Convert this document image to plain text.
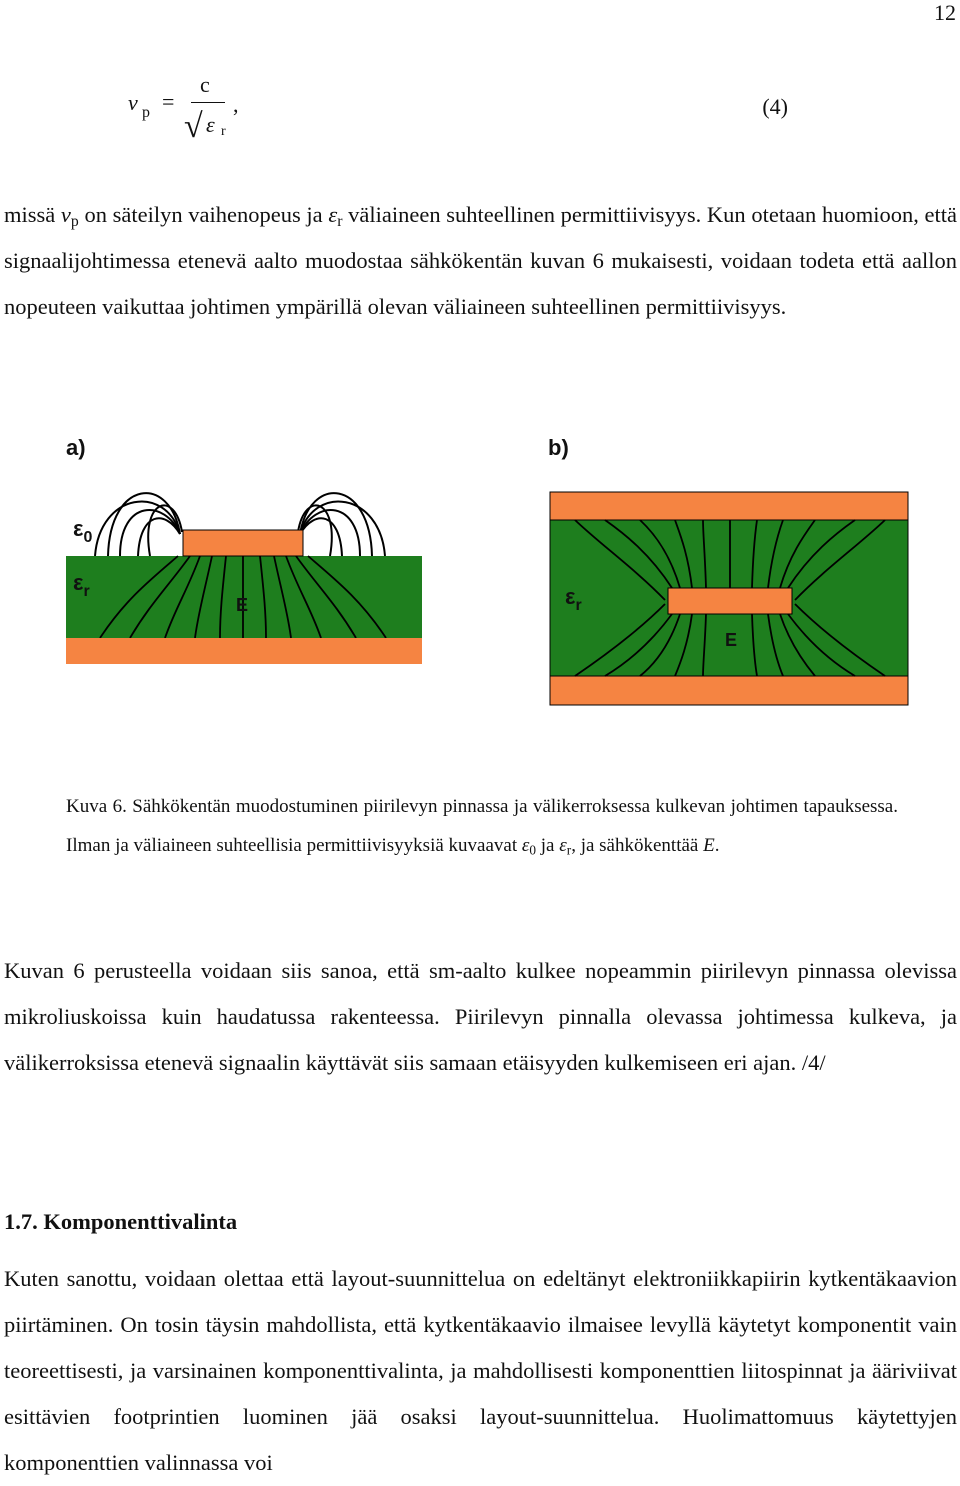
12
v p =
c
√ ε r
,	(4)

missä $v_p$ on säteilyn vaihenopeus ja $\varepsilon_r$ väliaineen suhteellinen permittiivisyys. Kun otetaan huomioon, että signaalijohtimessa etenevä aalto muodostaa sähkökentän kuvan 6 mukaisesti, voidaan todeta että aallon nopeuteen vaikuttaa johtimen ympärillä olevan väliaineen suhteellinen permittiivisyys.

a)
$\varepsilon_0$
$\varepsilon_r$
E
b)
$\varepsilon_r$
E

Kuva 6. Sähkökentän muodostuminen piirilevyn pinnassa ja välikerroksessa kulkevan johtimen tapauksessa. Ilman ja väliaineen suhteellisia permittiivisyyksiä kuvaavat $\varepsilon_0$ ja $\varepsilon_r$, ja sähkökenttää E.

Kuvan 6 perusteella voidaan siis sanoa, että sm-aalto kulkee nopeammin piirilevyn pinnassa olevissa mikroliuskoissa kuin haudatussa rakenteessa. Piirilevyn pinnalla olevassa johtimessa kulkeva, ja välikerroksissa etenevä signaalin käyttävät siis samaan etäisyyden kulkemiseen eri ajan. /4/

1.7. Komponenttivalinta

Kuten sanottu, voidaan olettaa että layout-suunnittelua on edeltänyt elektroniikkapiirin kytkentäkaavion piirtäminen. On tosin täysin mahdollista, että kytkentäkaavio ilmaisee levyllä käytetyt komponentit vain teoreettisesti, ja varsinainen komponenttivalinta, ja mahdollisesti komponenttien liitospinnat ja ääriviivat esittävien footprintien luominen jää osaksi layout-suunnittelua. Huolimattomuus käytettyjen komponenttien valinnassa voi
